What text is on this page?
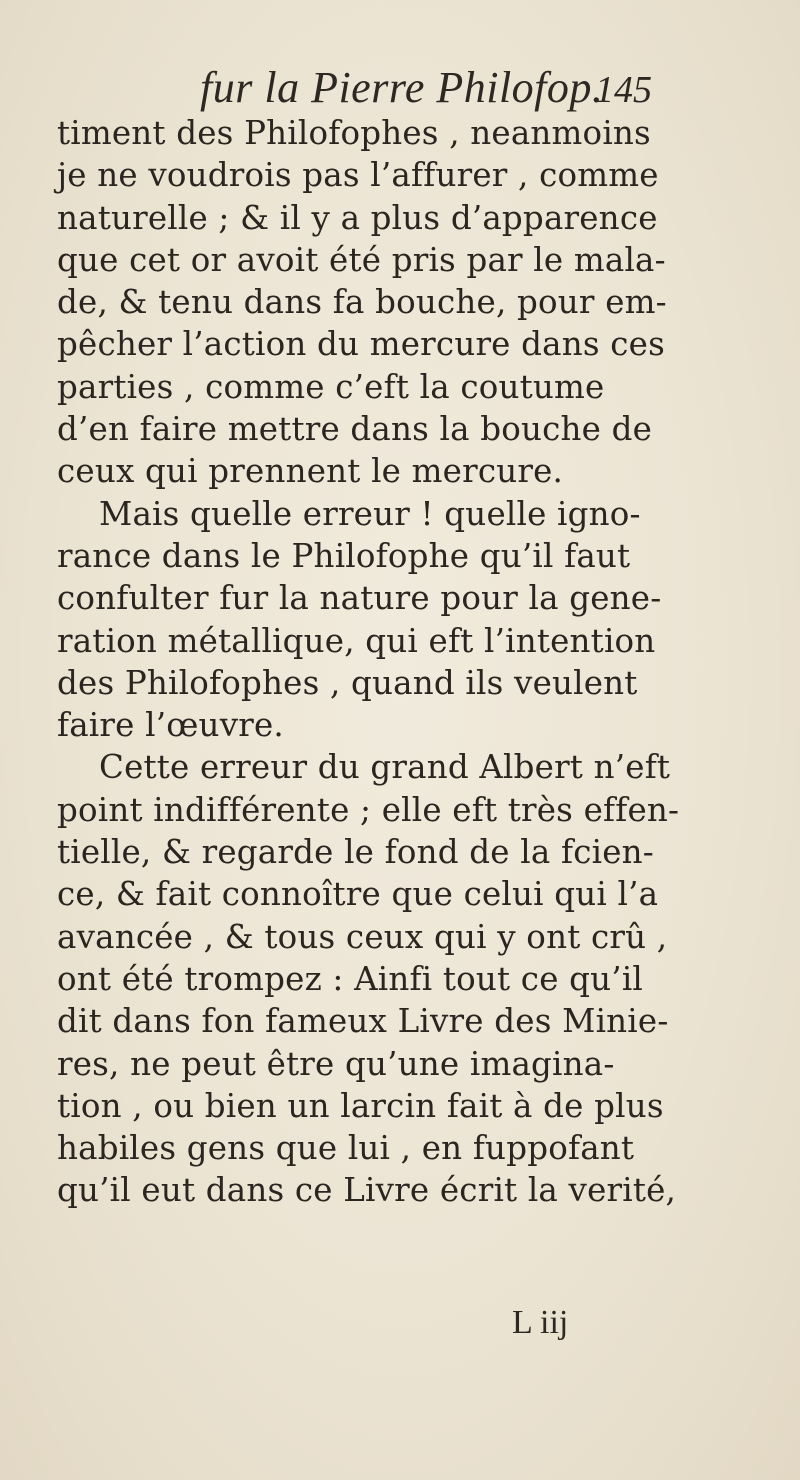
fur la Pierre Philofop.
145
timent des Philofophes , neanmoins
je ne voudrois pas l’affurer , comme
naturelle ; & il y a plus d’apparence
que cet or avoit été pris par le mala-
de, & tenu dans fa bouche, pour em-
pêcher l’action du mercure dans ces
parties , comme c’eft la coutume
d’en faire mettre dans la bouche de
ceux qui prennent le mercure.
Mais quelle erreur ! quelle igno-
rance dans le Philofophe qu’il faut
confulter fur la nature pour la gene-
ration métallique, qui eft l’intention
des Philofophes , quand ils veulent
faire l’œuvre.
Cette erreur du grand Albert n’eft
point indifférente ; elle eft très effen-
tielle, & regarde le fond de la fcien-
ce, & fait connoître que celui qui l’a
avancée , & tous ceux qui y ont crû ,
ont été trompez : Ainfi tout ce qu’il
dit dans fon fameux Livre des Minie-
res, ne peut être qu’une imagina-
tion , ou bien un larcin fait à de plus
habiles gens que lui , en fuppofant
qu’il eut dans ce Livre écrit la verité,
L iij
